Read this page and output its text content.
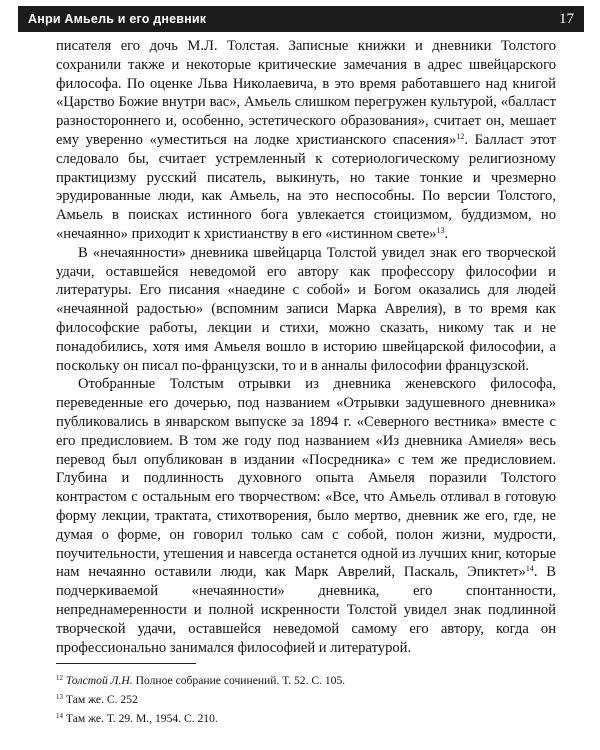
Анри Амьель и его дневник	17

писателя его дочь М.Л. Толстая. Записные книжки и дневники Толстого сохранили также и некоторые критические замечания в адрес швейцарского философа. По оценке Льва Николаевича, в это время работавшего над книгой «Царство Божие внутри вас», Амьель слишком перегружен культурой, «балласт разностороннего и, особенно, эстетического образования», считает он, мешает ему уверенно «уместиться на лодке христианского спасения»$^{12}$. Балласт этот следовало бы, считает устремленный к сотериологическому религиозному практицизму русский писатель, выкинуть, но такие тонкие и чрезмерно эрудированные люди, как Амьель, на это неспособны. По версии Толстого, Амьель в поисках истинного бога увлекается стоицизмом, буддизмом, но «нечаянно» приходит к христианству в его «истинном свете»$^{13}$.

В «нечаянности» дневника швейцарца Толстой увидел знак его творческой удачи, оставшейся неведомой его автору как профессору философии и литературы. Его писания «наедине с собой» и Богом оказались для людей «нечаянной радостью» (вспомним записи Марка Аврелия), в то время как философские работы, лекции и стихи, можно сказать, никому так и не понадобились, хотя имя Амьеля вошло в историю швейцарской философии, а поскольку он писал по-французски, то и в анналы философии французской.

Отобранные Толстым отрывки из дневника женевского философа, переведенные его дочерью, под названием «Отрывки задушевного дневника» публиковались в январском выпуске за 1894 г. «Северного вестника» вместе с его предисловием. В том же году под названием «Из дневника Амиеля» весь перевод был опубликован в издании «Посредника» с тем же предисловием. Глубина и подлинность духовного опыта Амьеля поразили Толстого контрастом с остальным его творчеством: «Все, что Амьель отливал в готовую форму лекции, трактата, стихотворения, было мертво, дневник же его, где, не думая о форме, он говорил только сам с собой, полон жизни, мудрости, поучительности, утешения и навсегда останется одной из лучших книг, которые нам нечаянно оставили люди, как Марк Аврелий, Паскаль, Эпиктет»$^{14}$. В подчеркиваемой «нечаянности» дневника, его спонтанности, непреднамеренности и полной искренности Толстой увидел знак подлинной творческой удачи, оставшейся неведомой самому его автору, когда он профессионально занимался философией и литературой.

$^{12}$ Толстой Л.Н. Полное собрание сочинений. Т. 52. С. 105.

$^{13}$ Там же. С. 252

$^{14}$ Там же. Т. 29. М., 1954. С. 210.
